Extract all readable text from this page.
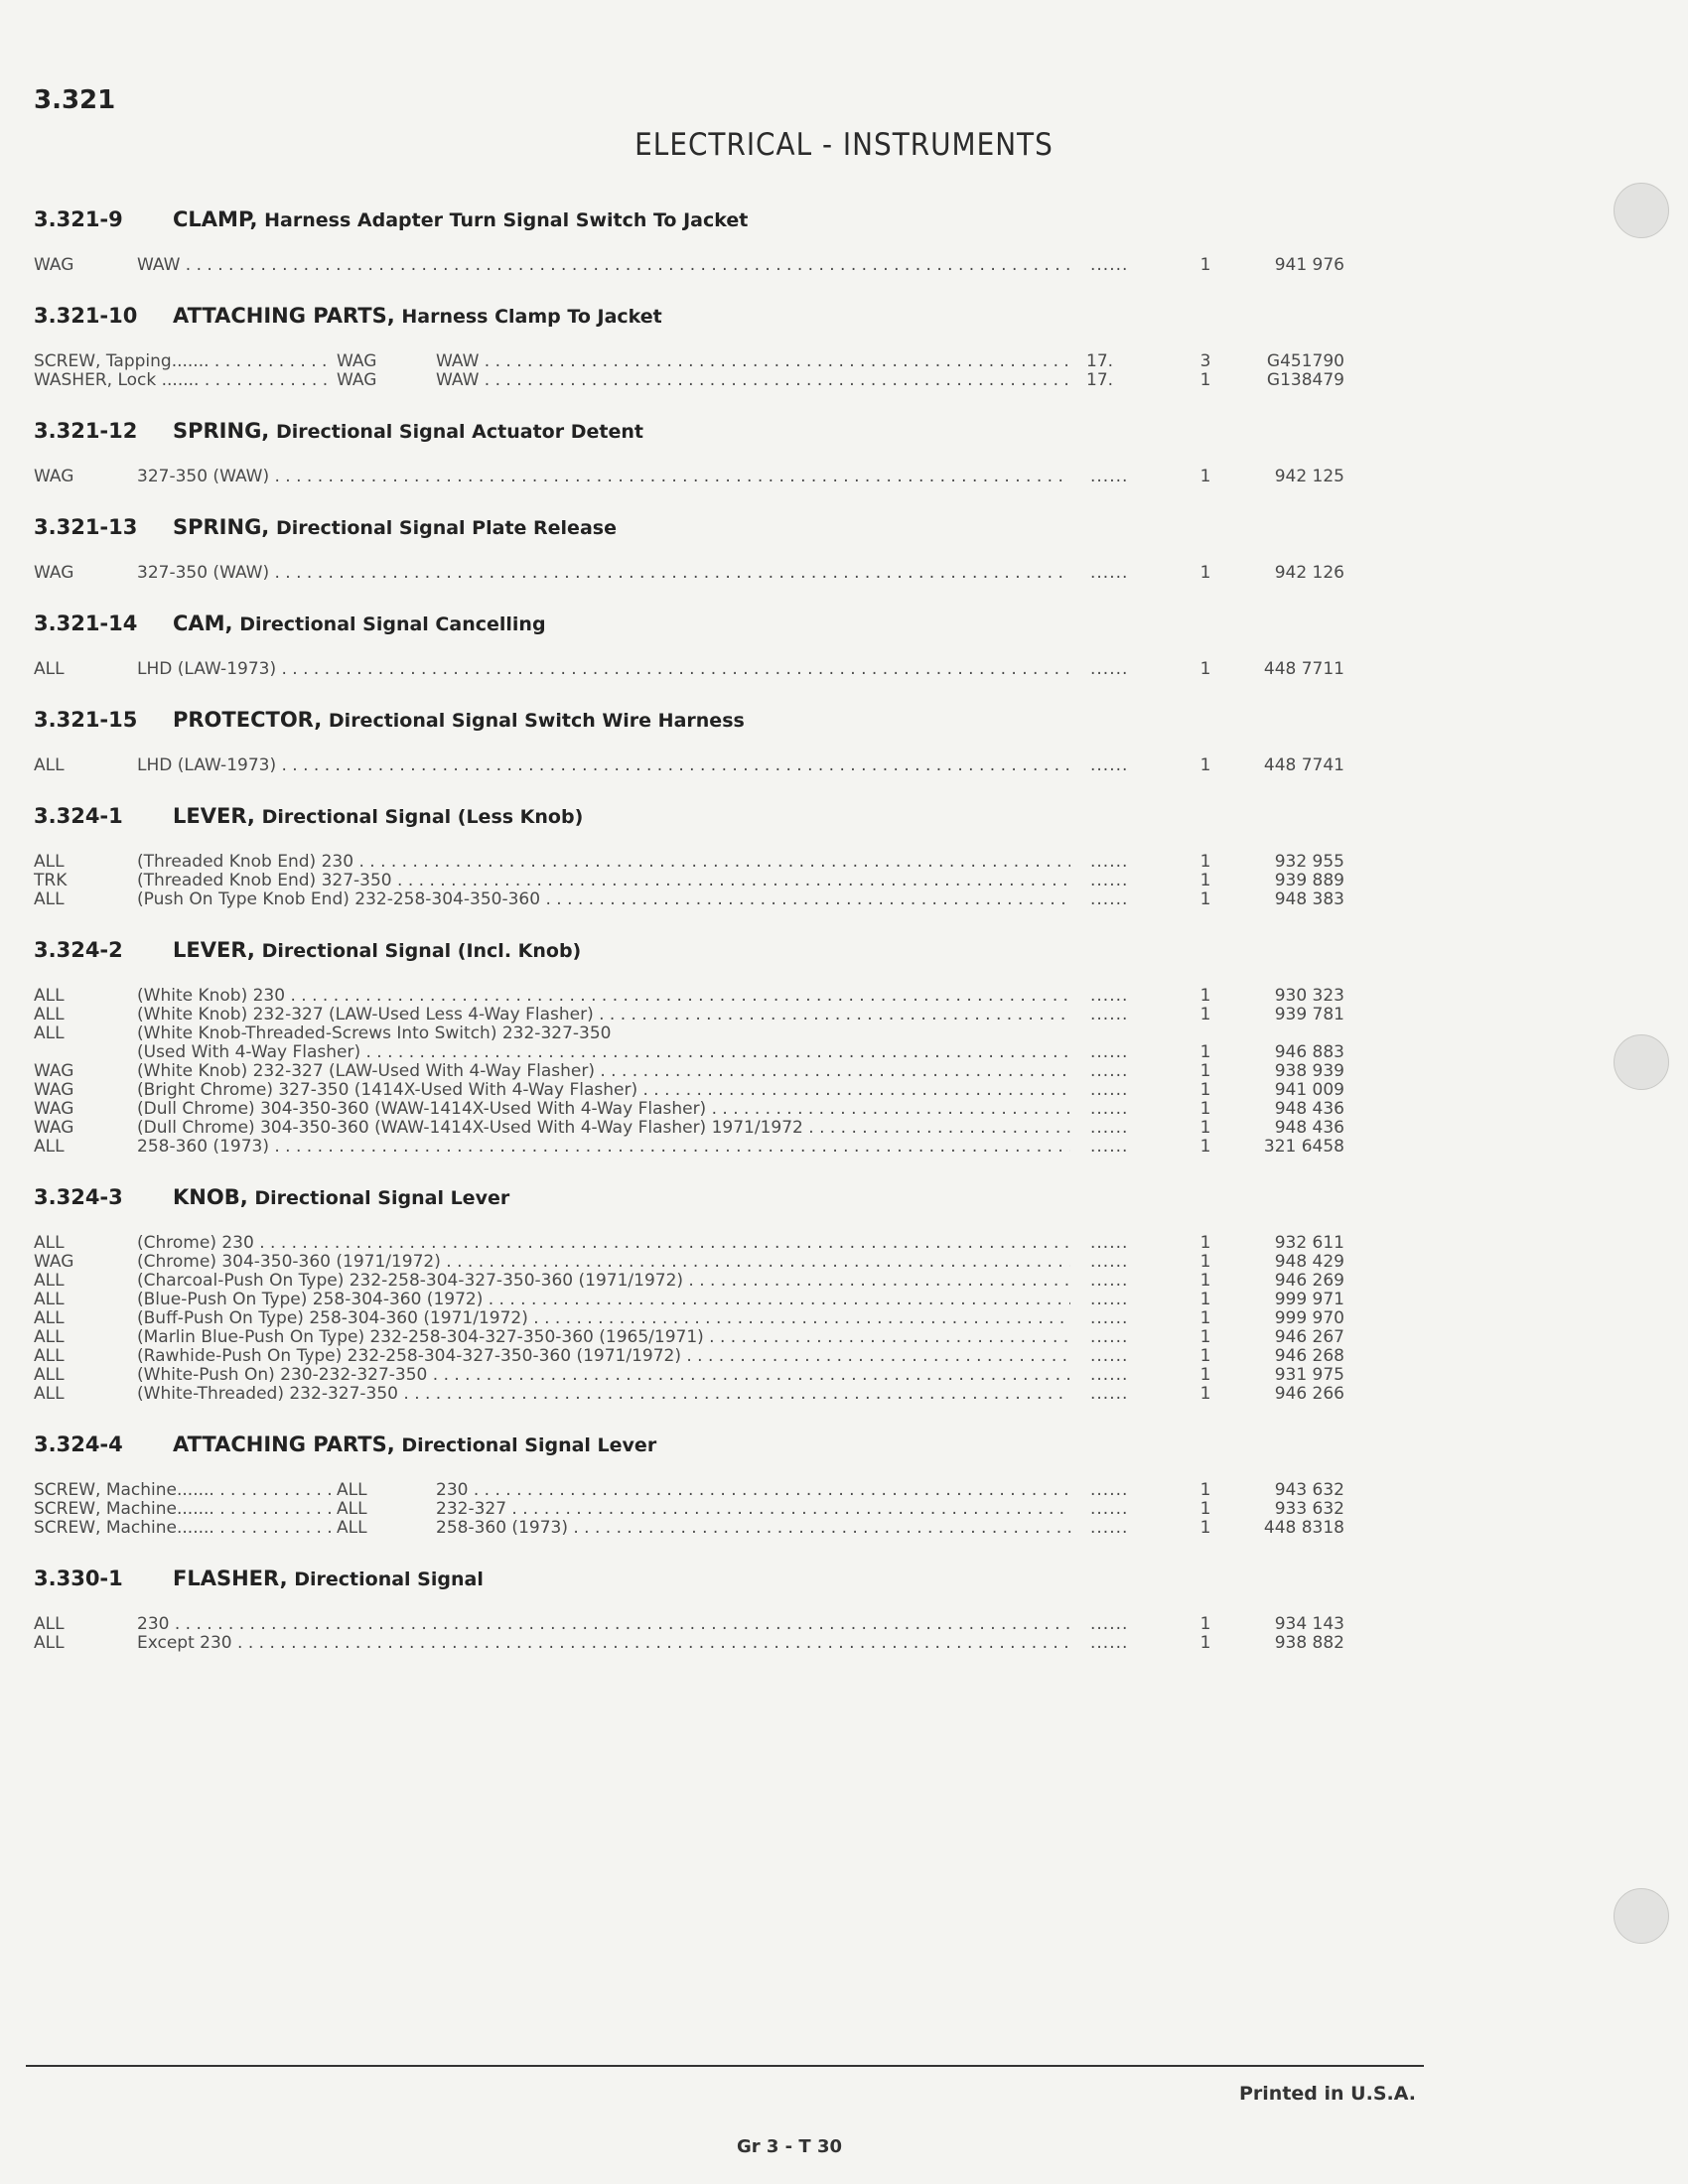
3.321
ELECTRICAL - INSTRUMENTS
3.321-9 CLAMP, Harness Adapter Turn Signal Switch To Jacket
WAG	WAW . . .	......	1	941 976
3.321-10 ATTACHING PARTS, Harness Clamp To Jacket
SCREW, Tapping....... . . .	WAG	WAW . . .	17.	3	G451790
WASHER, Lock ....... . . .	WAG	WAW . . .	17.	1	G138479
3.321-12 SPRING, Directional Signal Actuator Detent
WAG	327-350 (WAW) . . .	......	1	942 125
3.321-13 SPRING, Directional Signal Plate Release
WAG	327-350 (WAW) . . .	......	1	942 126
3.321-14 CAM, Directional Signal Cancelling
ALL	LHD (LAW-1973) . . .	......	1	448 7711
3.321-15 PROTECTOR, Directional Signal Switch Wire Harness
ALL	LHD (LAW-1973) . . .	......	1	448 7741
3.324-1 LEVER, Directional Signal (Less Knob)
ALL	(Threaded Knob End) 230 . . .	......	1	932 955
TRK	(Threaded Knob End) 327-350 . . .	......	1	939 889
ALL	(Push On Type Knob End) 232-258-304-350-360 . . .	......	1	948 383
3.324-2 LEVER, Directional Signal (Incl. Knob)
ALL	(White Knob) 230 . . .	......	1	930 323
ALL	(White Knob) 232-327 (LAW-Used Less 4-Way Flasher) . . .	......	1	939 781
ALL	(White Knob-Threaded-Screws Into Switch) 232-327-350
(Used With 4-Way Flasher) . . .	......	1	946 883
WAG	(White Knob) 232-327 (LAW-Used With 4-Way Flasher) . . .	......	1	938 939
WAG	(Bright Chrome) 327-350 (1414X-Used With 4-Way Flasher) . . .	......	1	941 009
WAG	(Dull Chrome) 304-350-360 (WAW-1414X-Used With 4-Way Flasher) . . .	......	1	948 436
WAG	(Dull Chrome) 304-350-360 (WAW-1414X-Used With 4-Way Flasher) 1971/1972 . . .	......	1	948 436
ALL	258-360 (1973) . . .	......	1	321 6458
3.324-3 KNOB, Directional Signal Lever
ALL	(Chrome) 230 . . .	......	1	932 611
WAG	(Chrome) 304-350-360 (1971/1972) . . .	......	1	948 429
ALL	(Charcoal-Push On Type) 232-258-304-327-350-360 (1971/1972) . . .	......	1	946 269
ALL	(Blue-Push On Type) 258-304-360 (1972) . . .	......	1	999 971
ALL	(Buff-Push On Type) 258-304-360 (1971/1972) . . .	......	1	999 970
ALL	(Marlin Blue-Push On Type) 232-258-304-327-350-360 (1965/1971) . . .	......	1	946 267
ALL	(Rawhide-Push On Type) 232-258-304-327-350-360 (1971/1972) . . .	......	1	946 268
ALL	(White-Push On) 230-232-327-350 . . .	......	1	931 975
ALL	(White-Threaded) 232-327-350 . . .	......	1	946 266
3.324-4 ATTACHING PARTS, Directional Signal Lever
SCREW, Machine....... . . .	ALL	230 . . .	......	1	943 632
SCREW, Machine....... . . .	ALL	232-327 . . .	......	1	933 632
SCREW, Machine....... . . .	ALL	258-360 (1973) . . .	......	1	448 8318
3.330-1 FLASHER, Directional Signal
ALL	230 . . .	......	1	934 143
ALL	Except 230 . . .	......	1	938 882
Printed in U.S.A.
Gr 3 - T 30
